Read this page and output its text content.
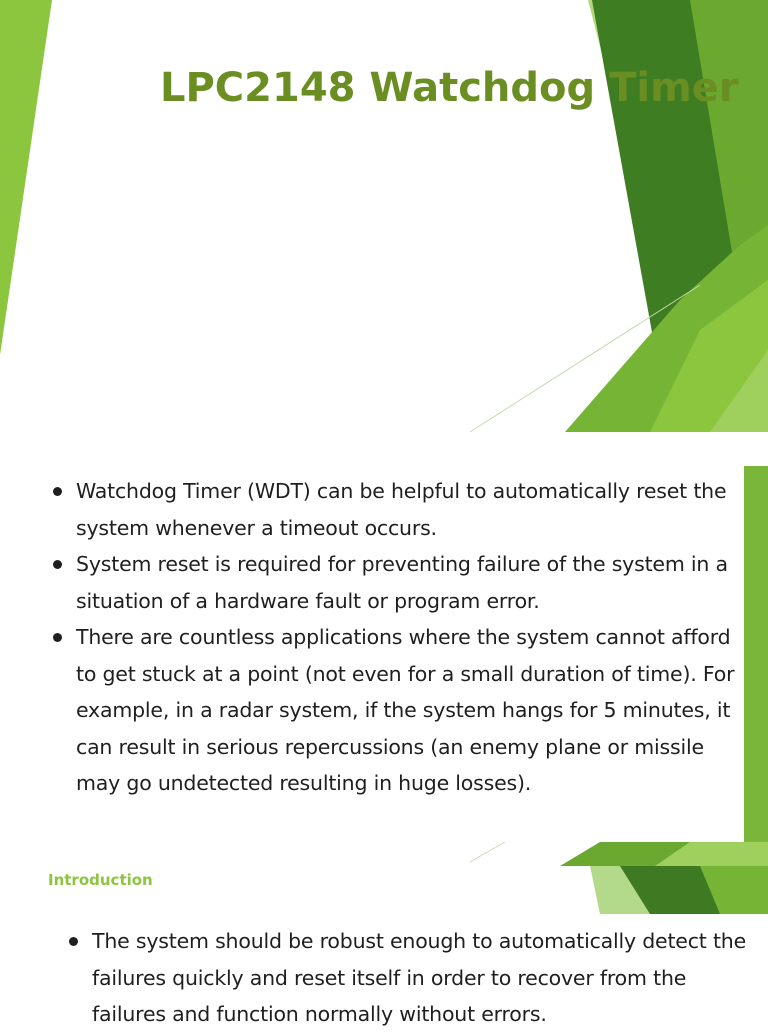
LPC2148 Watchdog Timer
Watchdog Timer (WDT) can be helpful to automatically reset the system whenever a timeout occurs.
System reset is required for preventing failure of the system in a situation of a hardware fault or program error.
There are countless applications where the system cannot afford to get stuck at a point (not even for a small duration of time). For example, in a radar system, if the system hangs for 5 minutes, it can result in serious repercussions (an enemy plane or missile may go undetected resulting in huge losses).
Introduction
The system should be robust enough to automatically detect the failures quickly and reset itself in order to recover from the failures and function normally without errors.
